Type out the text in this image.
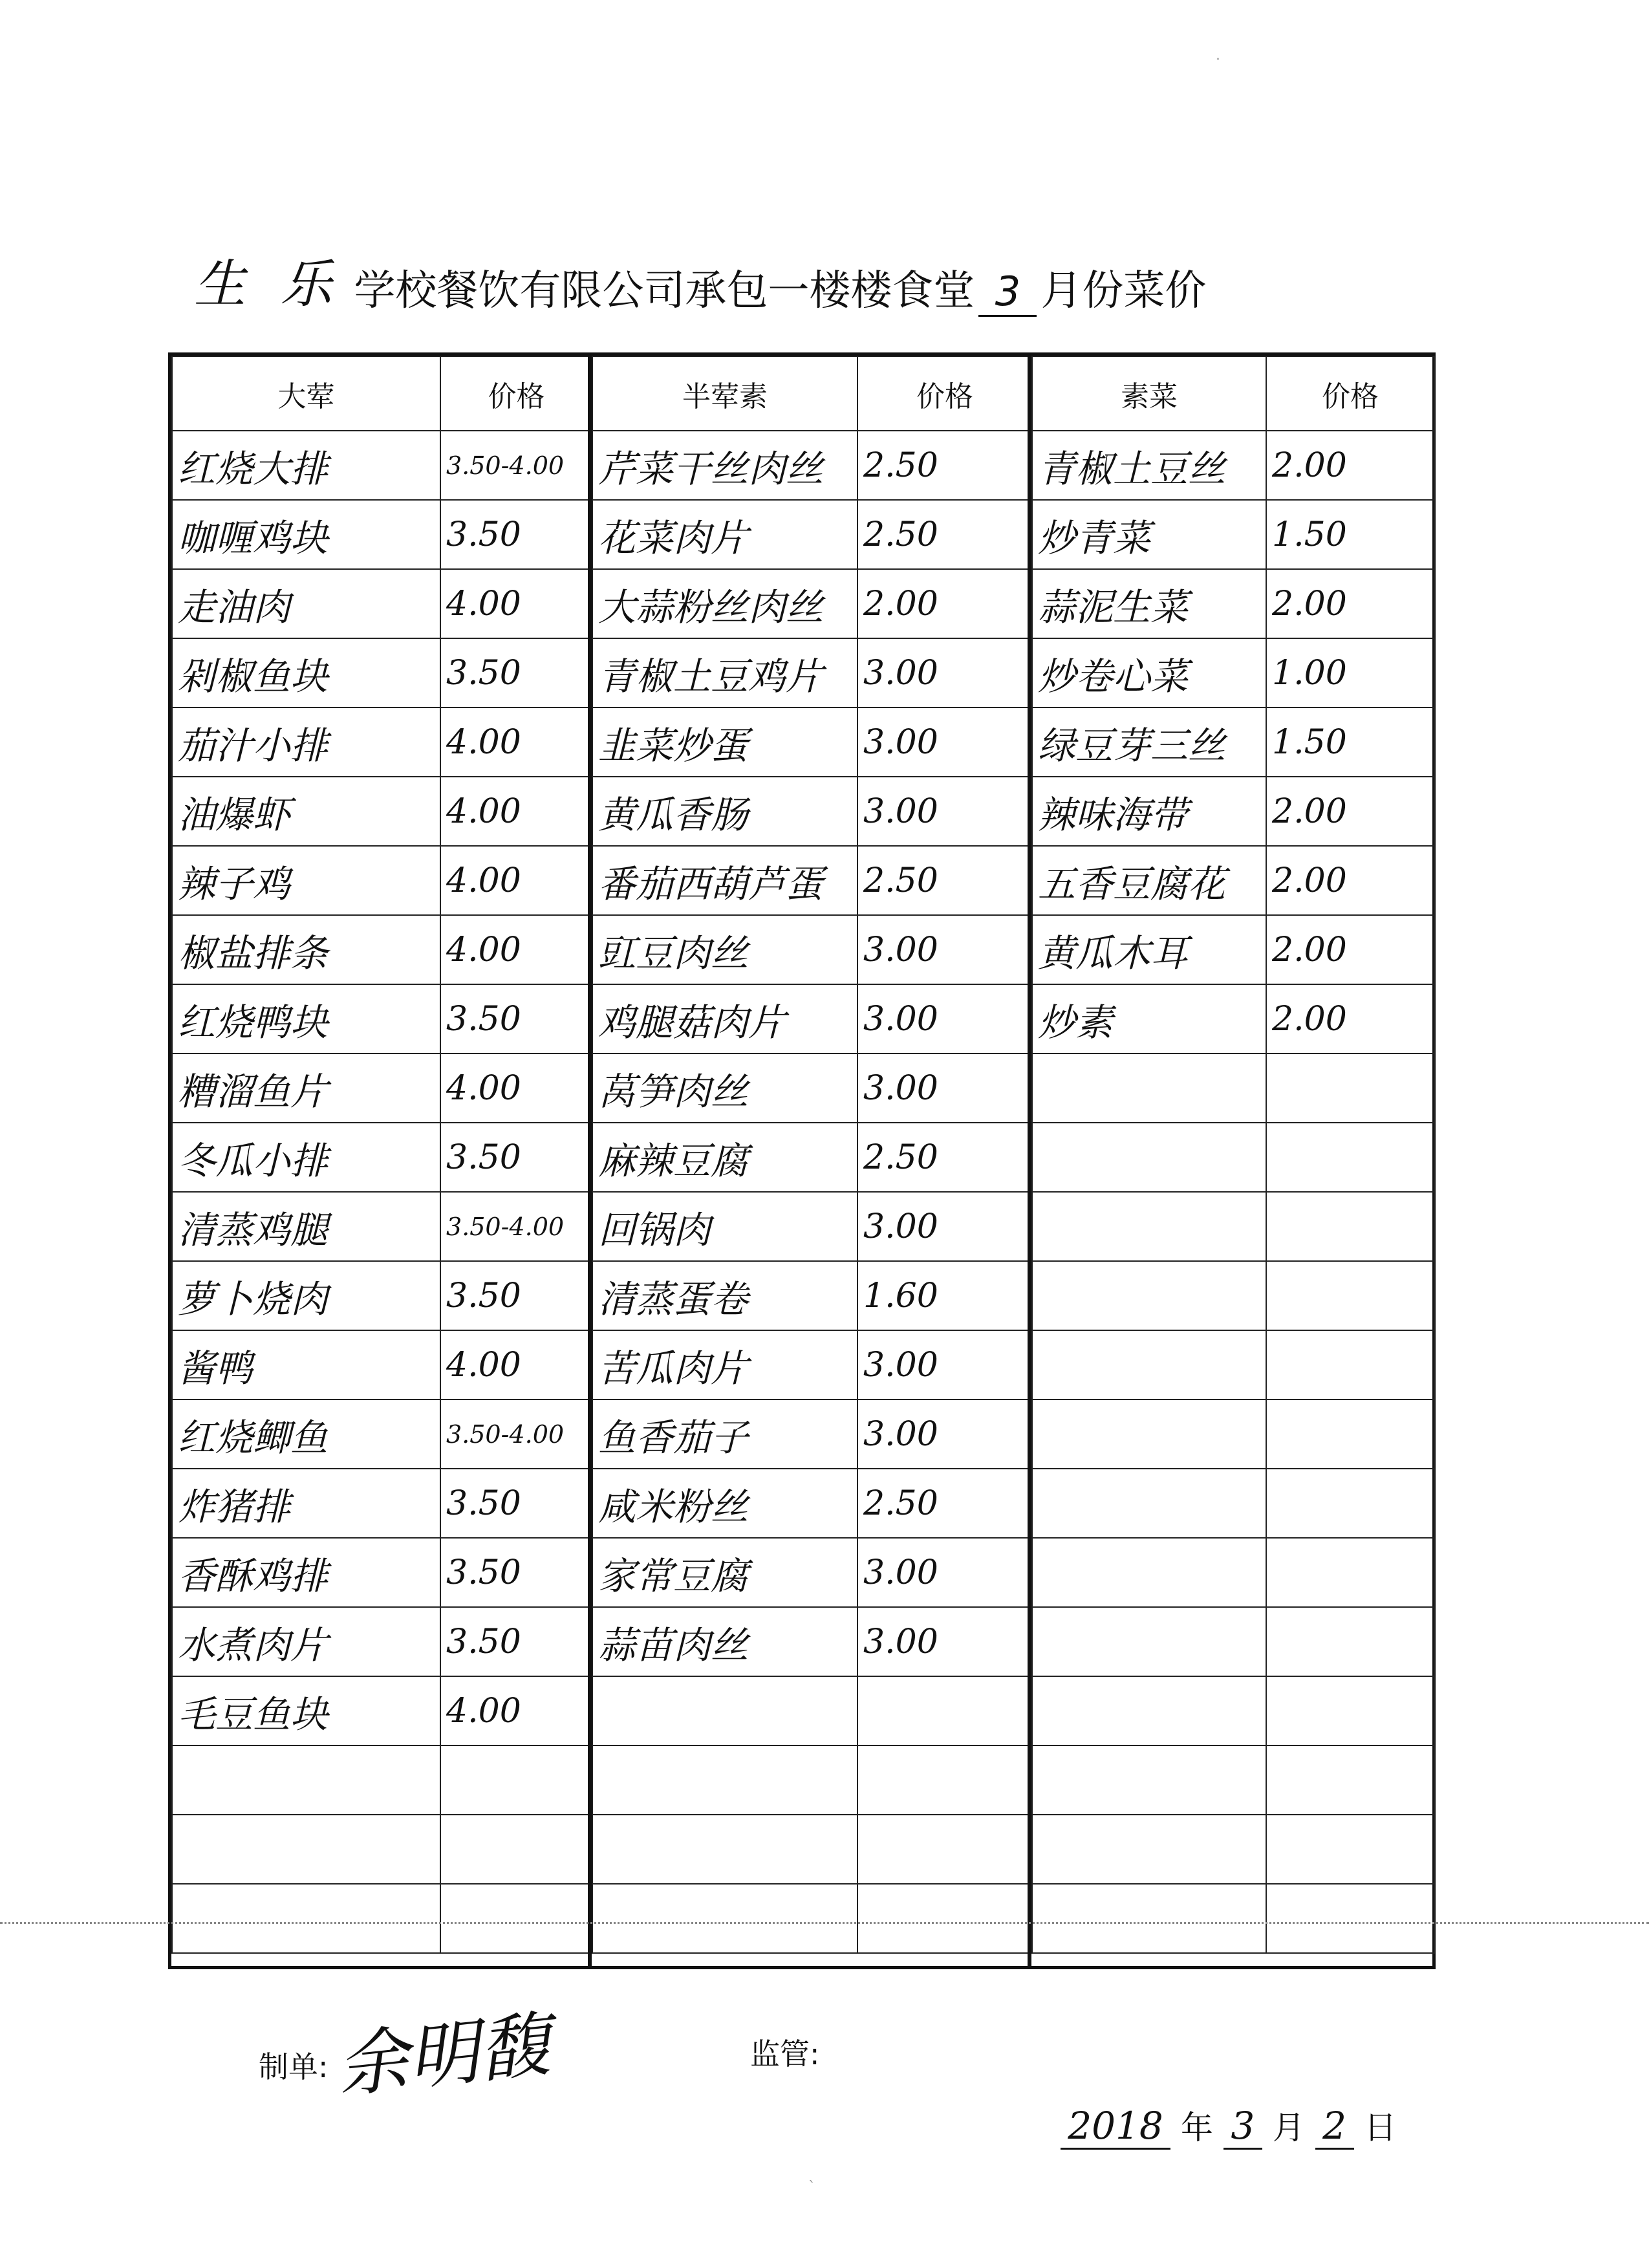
生 乐 学校餐饮有限公司承包一楼楼食堂 3 月份菜价
大荤	价格
红烧大排	3.50-4.00
咖喱鸡块	3.50
走油肉	4.00
剁椒鱼块	3.50
茄汁小排	4.00
油爆虾	4.00
辣子鸡	4.00
椒盐排条	4.00
红烧鸭块	3.50
糟溜鱼片	4.00
冬瓜小排	3.50
清蒸鸡腿	3.50-4.00
萝卜烧肉	3.50
酱鸭	4.00
红烧鲫鱼	3.50-4.00
炸猪排	3.50
香酥鸡排	3.50
水煮肉片	3.50
毛豆鱼块	4.00

半荤素	价格
芹菜干丝肉丝	2.50
花菜肉片	2.50
大蒜粉丝肉丝	2.00
青椒土豆鸡片	3.00
韭菜炒蛋	3.00
黄瓜香肠	3.00
番茄西葫芦蛋	2.50
豇豆肉丝	3.00
鸡腿菇肉片	3.00
莴笋肉丝	3.00
麻辣豆腐	2.50
回锅肉	3.00
清蒸蛋卷	1.60
苦瓜肉片	3.00
鱼香茄子	3.00
咸米粉丝	2.50
家常豆腐	3.00
蒜苗肉丝	3.00

素菜	价格
青椒土豆丝	2.00
炒青菜	1.50
蒜泥生菜	2.00
炒卷心菜	1.00
绿豆芽三丝	1.50
辣味海带	2.00
五香豆腐花	2.00
黄瓜木耳	2.00
炒素	2.00

制单: 余明馥	监管:
2018 年 3 月 2 日
·
ˋ
